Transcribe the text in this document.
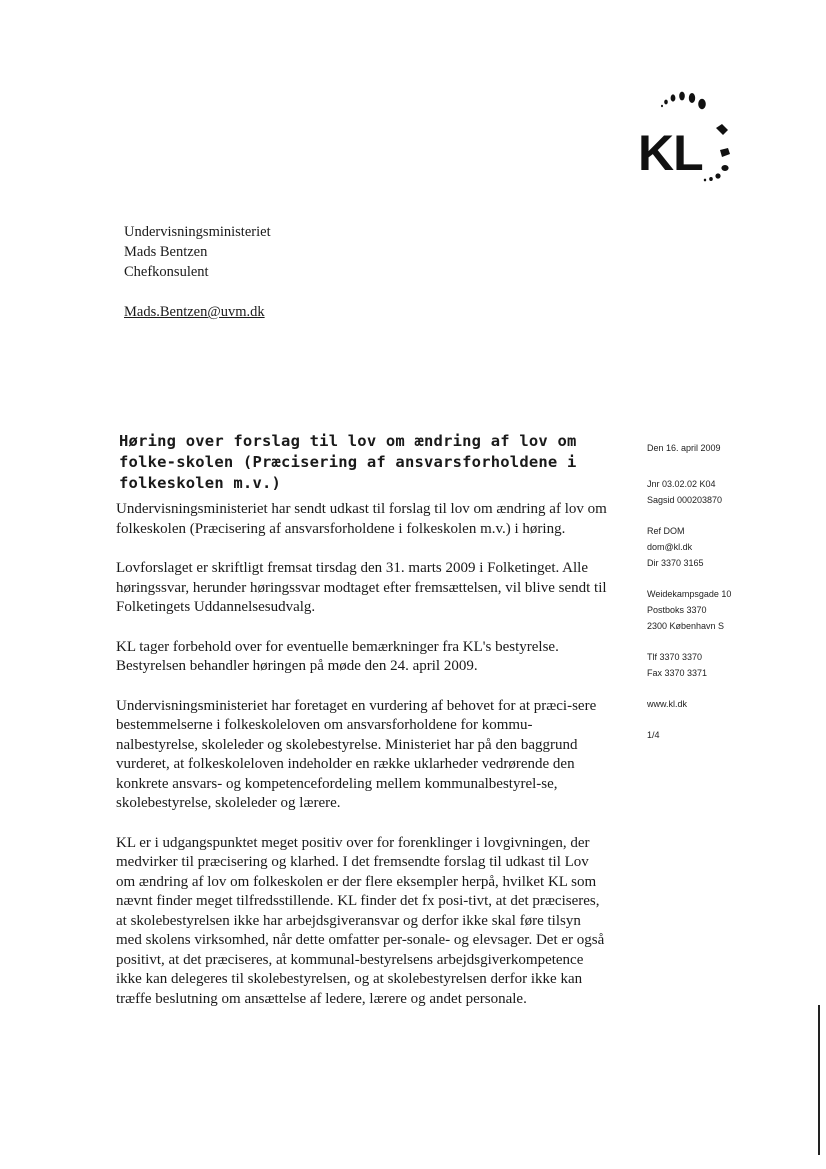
KL
Undervisningsministeriet
Mads Bentzen
Chefkonsulent
Mads.Bentzen@uvm.dk
Høring over forslag til lov om ændring af lov om folke-skolen (Præcisering af ansvarsforholdene i folkeskolen m.v.)

Undervisningsministeriet har sendt udkast til forslag til lov om ændring af lov om folkeskolen (Præcisering af ansvarsforholdene i folkeskolen m.v.) i høring.

Lovforslaget er skriftligt fremsat tirsdag den 31. marts 2009 i Folketinget. Alle høringssvar, herunder høringssvar modtaget efter fremsættelsen, vil blive sendt til Folketingets Uddannelsesudvalg.

KL tager forbehold over for eventuelle bemærkninger fra KL's bestyrelse. Bestyrelsen behandler høringen på møde den 24. april 2009.

Undervisningsministeriet har foretaget en vurdering af behovet for at præci-sere bestemmelserne i folkeskoleloven om ansvarsforholdene for kommu-nalbestyrelse, skoleleder og skolebestyrelse. Ministeriet har på den baggrund vurderet, at folkeskoleloven indeholder en række uklarheder vedrørende den konkrete ansvars- og kompetencefordeling mellem kommunalbestyrel-se, skolebestyrelse, skoleleder og lærere.

KL er i udgangspunktet meget positiv over for forenklinger i lovgivningen, der medvirker til præcisering og klarhed. I det fremsendte forslag til udkast til Lov om ændring af lov om folkeskolen er der flere eksempler herpå, hvilket KL som nævnt finder meget tilfredsstillende. KL finder det fx posi-tivt, at det præciseres, at skolebestyrelsen ikke har arbejdsgiveransvar og derfor ikke skal føre tilsyn med skolens virksomhed, når dette omfatter per-sonale- og elevsager. Det er også positivt, at det præciseres, at kommunal-bestyrelsens arbejdsgiverkompetence ikke kan delegeres til skolebestyrelsen, og at skolebestyrelsen derfor ikke kan træffe beslutning om ansættelse af ledere, lærere og andet personale.

Den 16. april 2009
Jnr 03.02.02 K04
Sagsid 000203870
Ref DOM
dom@kl.dk
Dir 3370 3165
Weidekampsgade 10
Postboks 3370
2300 København S
Tlf 3370 3370
Fax 3370 3371
www.kl.dk
1/4
